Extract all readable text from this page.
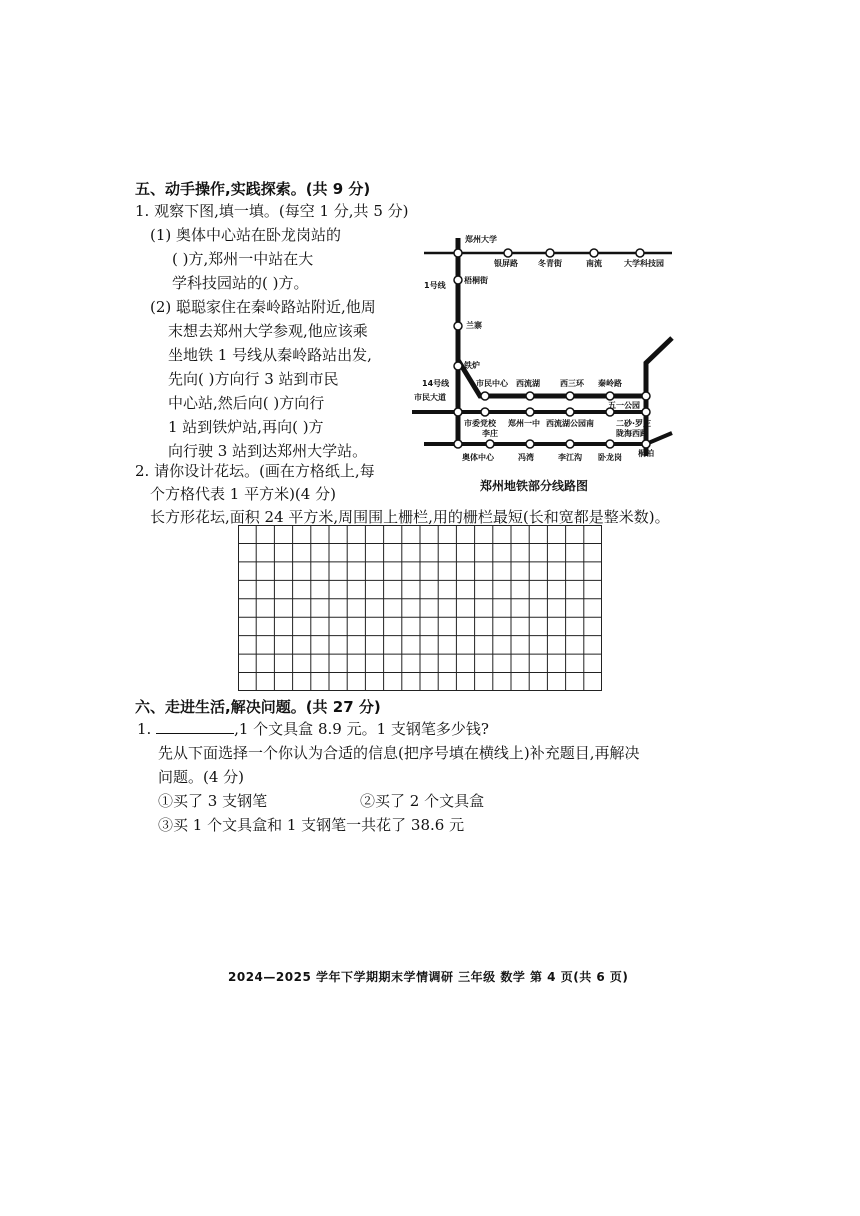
五、动手操作,实践探索。(共 9 分)
1. 观察下图,填一填。(每空 1 分,共 5 分)
(1) 奥体中心站在卧龙岗站的
( )方,郑州一中站在大
学科技园站的( )方。
(2) 聪聪家住在秦岭路站附近,他周
末想去郑州大学参观,他应该乘
坐地铁 1 号线从秦岭路站出发,
先向( )方向行 3 站到市民
中心站,然后向( )方向行
1 站到铁炉站,再向( )方
向行驶 3 站到达郑州大学站。
2. 请你设计花坛。(画在方格纸上,每
个方格代表 1 平方米)(4 分)
长方形花坛,面积 24 平方米,周围围上栅栏,用的栅栏最短(长和宽都是整米数)。
郑州大学
银屏路	冬青街	南流	大学科技园
1号线
梧桐街
兰寨
铁炉
14号线
市民大道
市民中心 西流湖	西三环 秦岭路
五一公园
市委党校 郑州一中 西流湖公园南	二砂·罗庄
陇海西路
李庄
奥体中心	冯湾	李江沟 卧龙岗 桐柏
郑州地铁部分线路图
六、走进生活,解决问题。(共 27 分)
1.	,1 个文具盒 8.9 元。1 支钢笔多少钱?
先从下面选择一个你认为合适的信息(把序号填在横线上)补充题目,再解决
问题。(4 分)
①买了 3 支钢笔	②买了 2 个文具盒
③买 1 个文具盒和 1 支钢笔一共花了 38.6 元
2024—2025 学年下学期期末学情调研 三年级 数学 第 4 页(共 6 页)
